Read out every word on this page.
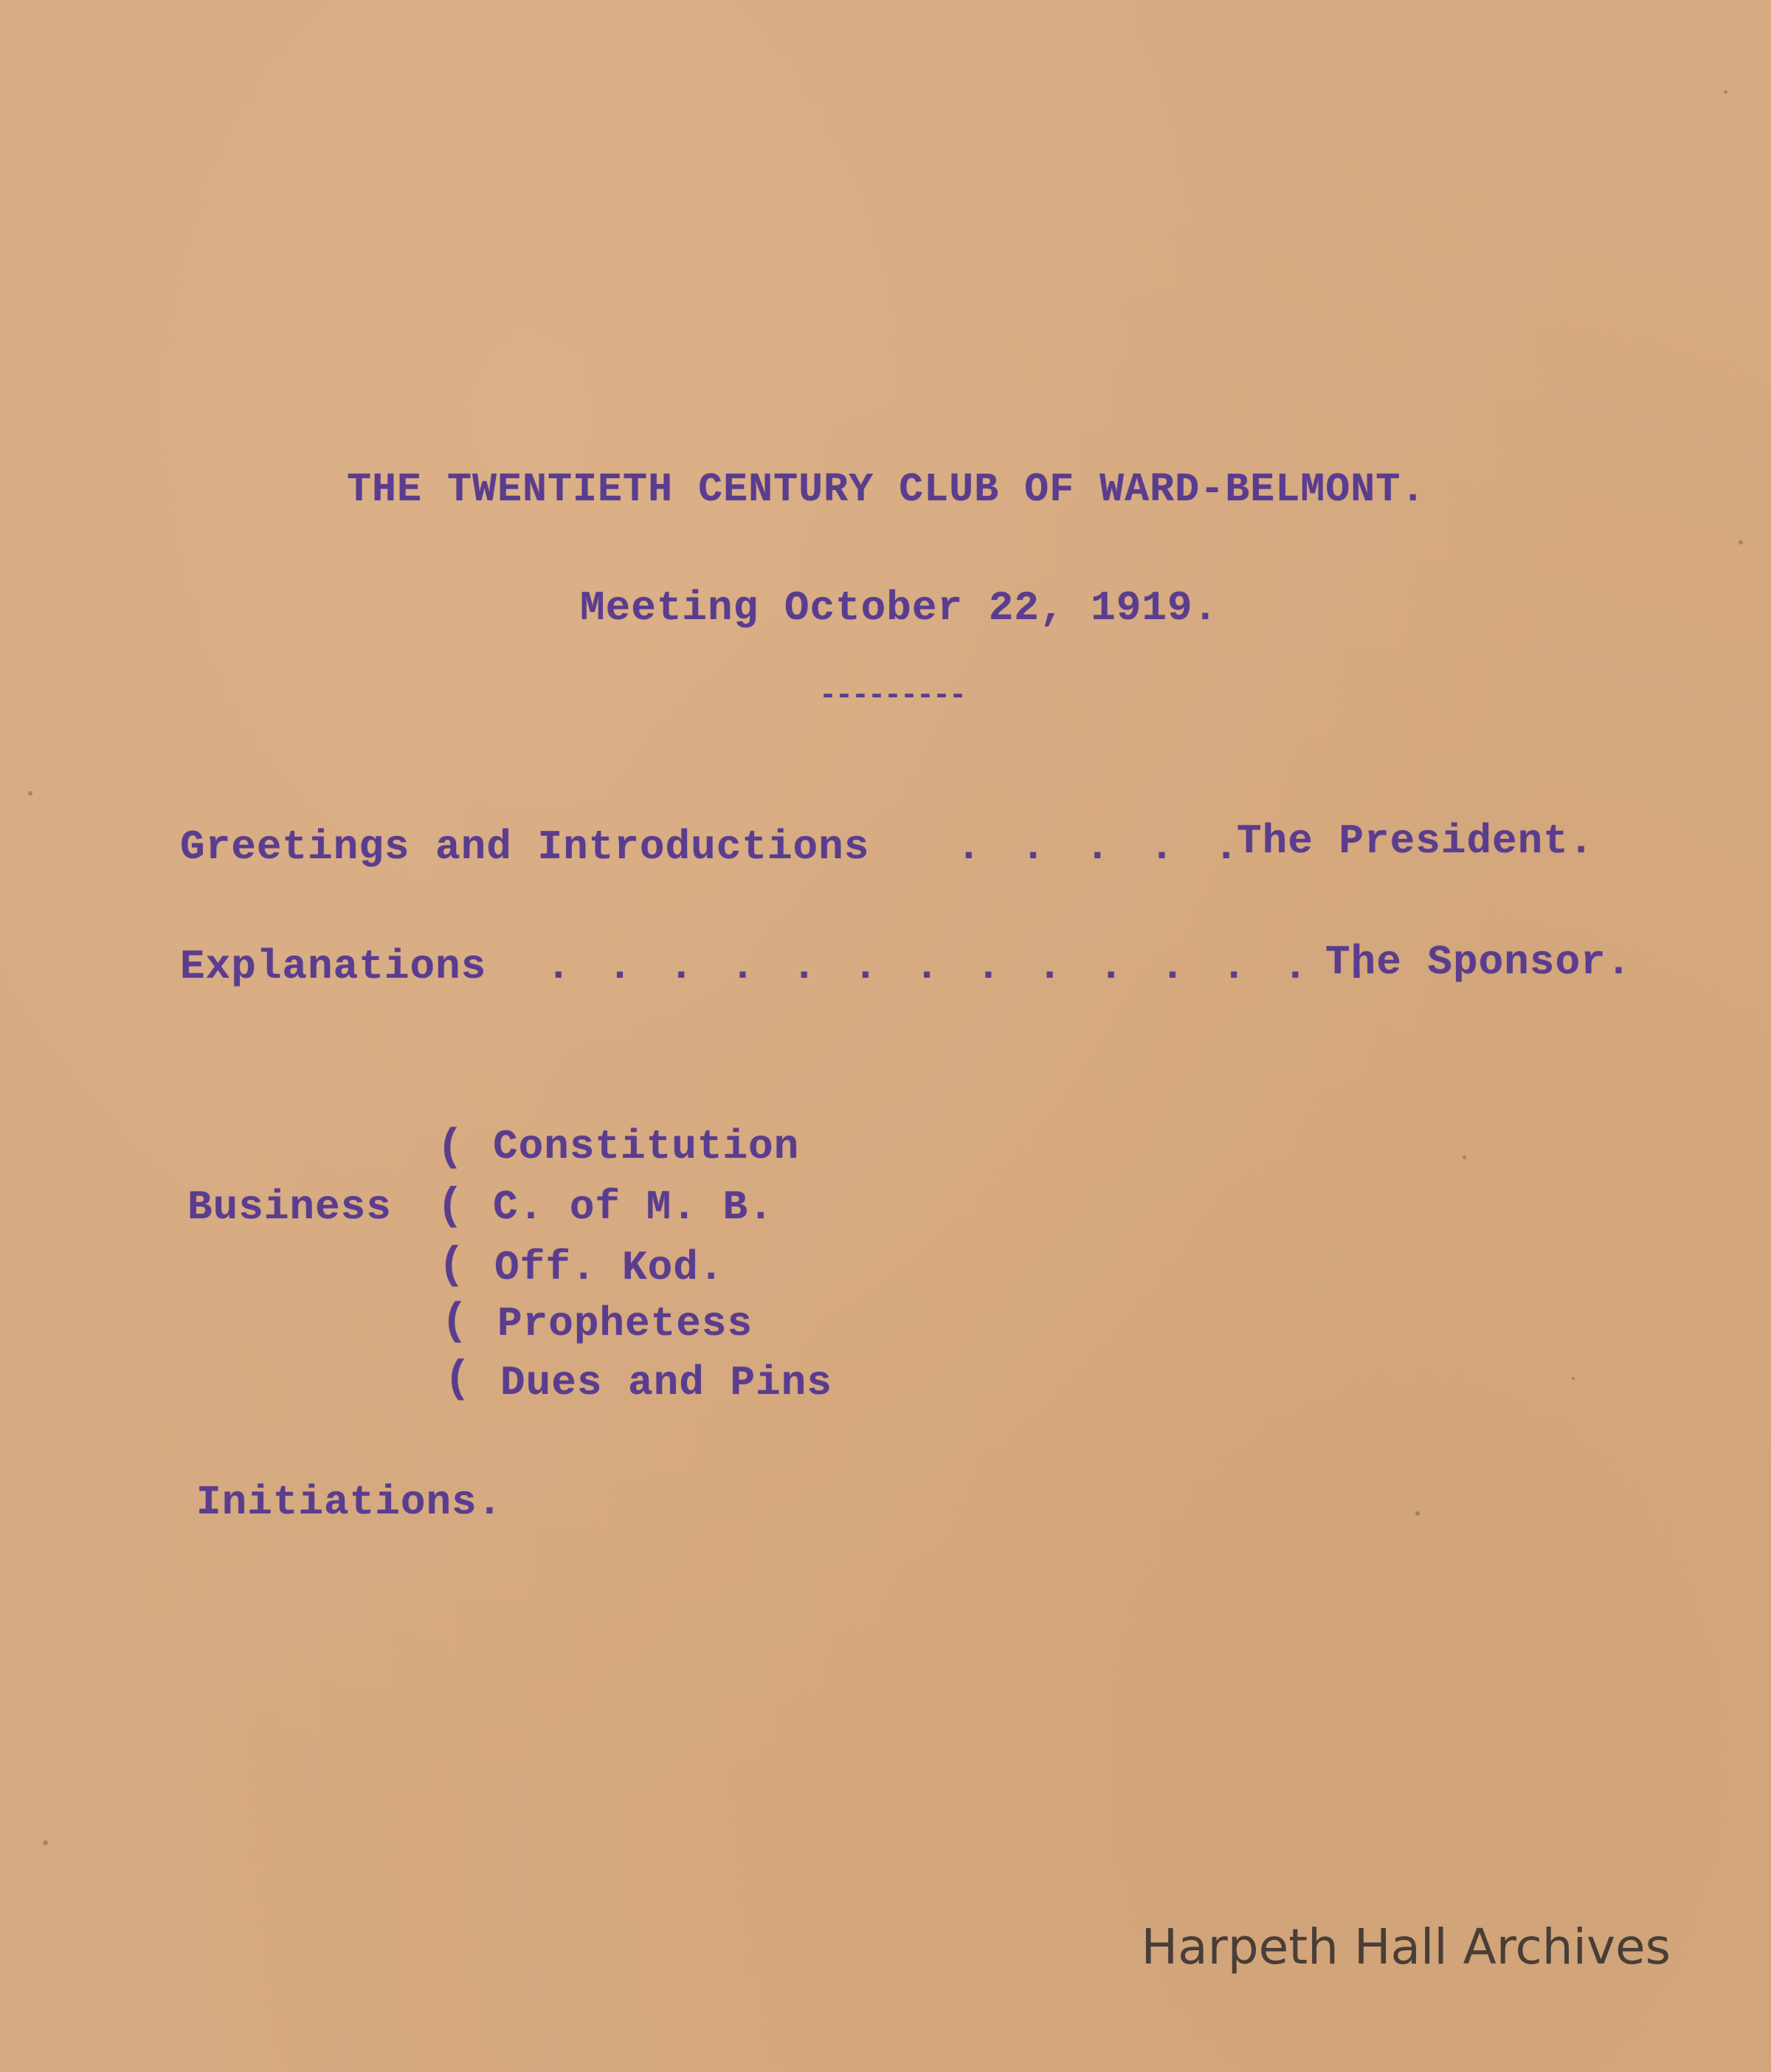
THE TWENTIETH CENTURY CLUB OF WARD-BELMONT.
Meeting October 22, 1919.
---------
Greetings and Introductions . . . . .
The President.
Explanations . . . . . . . . . . . . . .
The Sponsor.
Business
(
(
(
(
(
Constitution
C. of M. B.
Off. Kod.
Prophetess
Dues and Pins
Initiations.
Harpeth Hall Archives
